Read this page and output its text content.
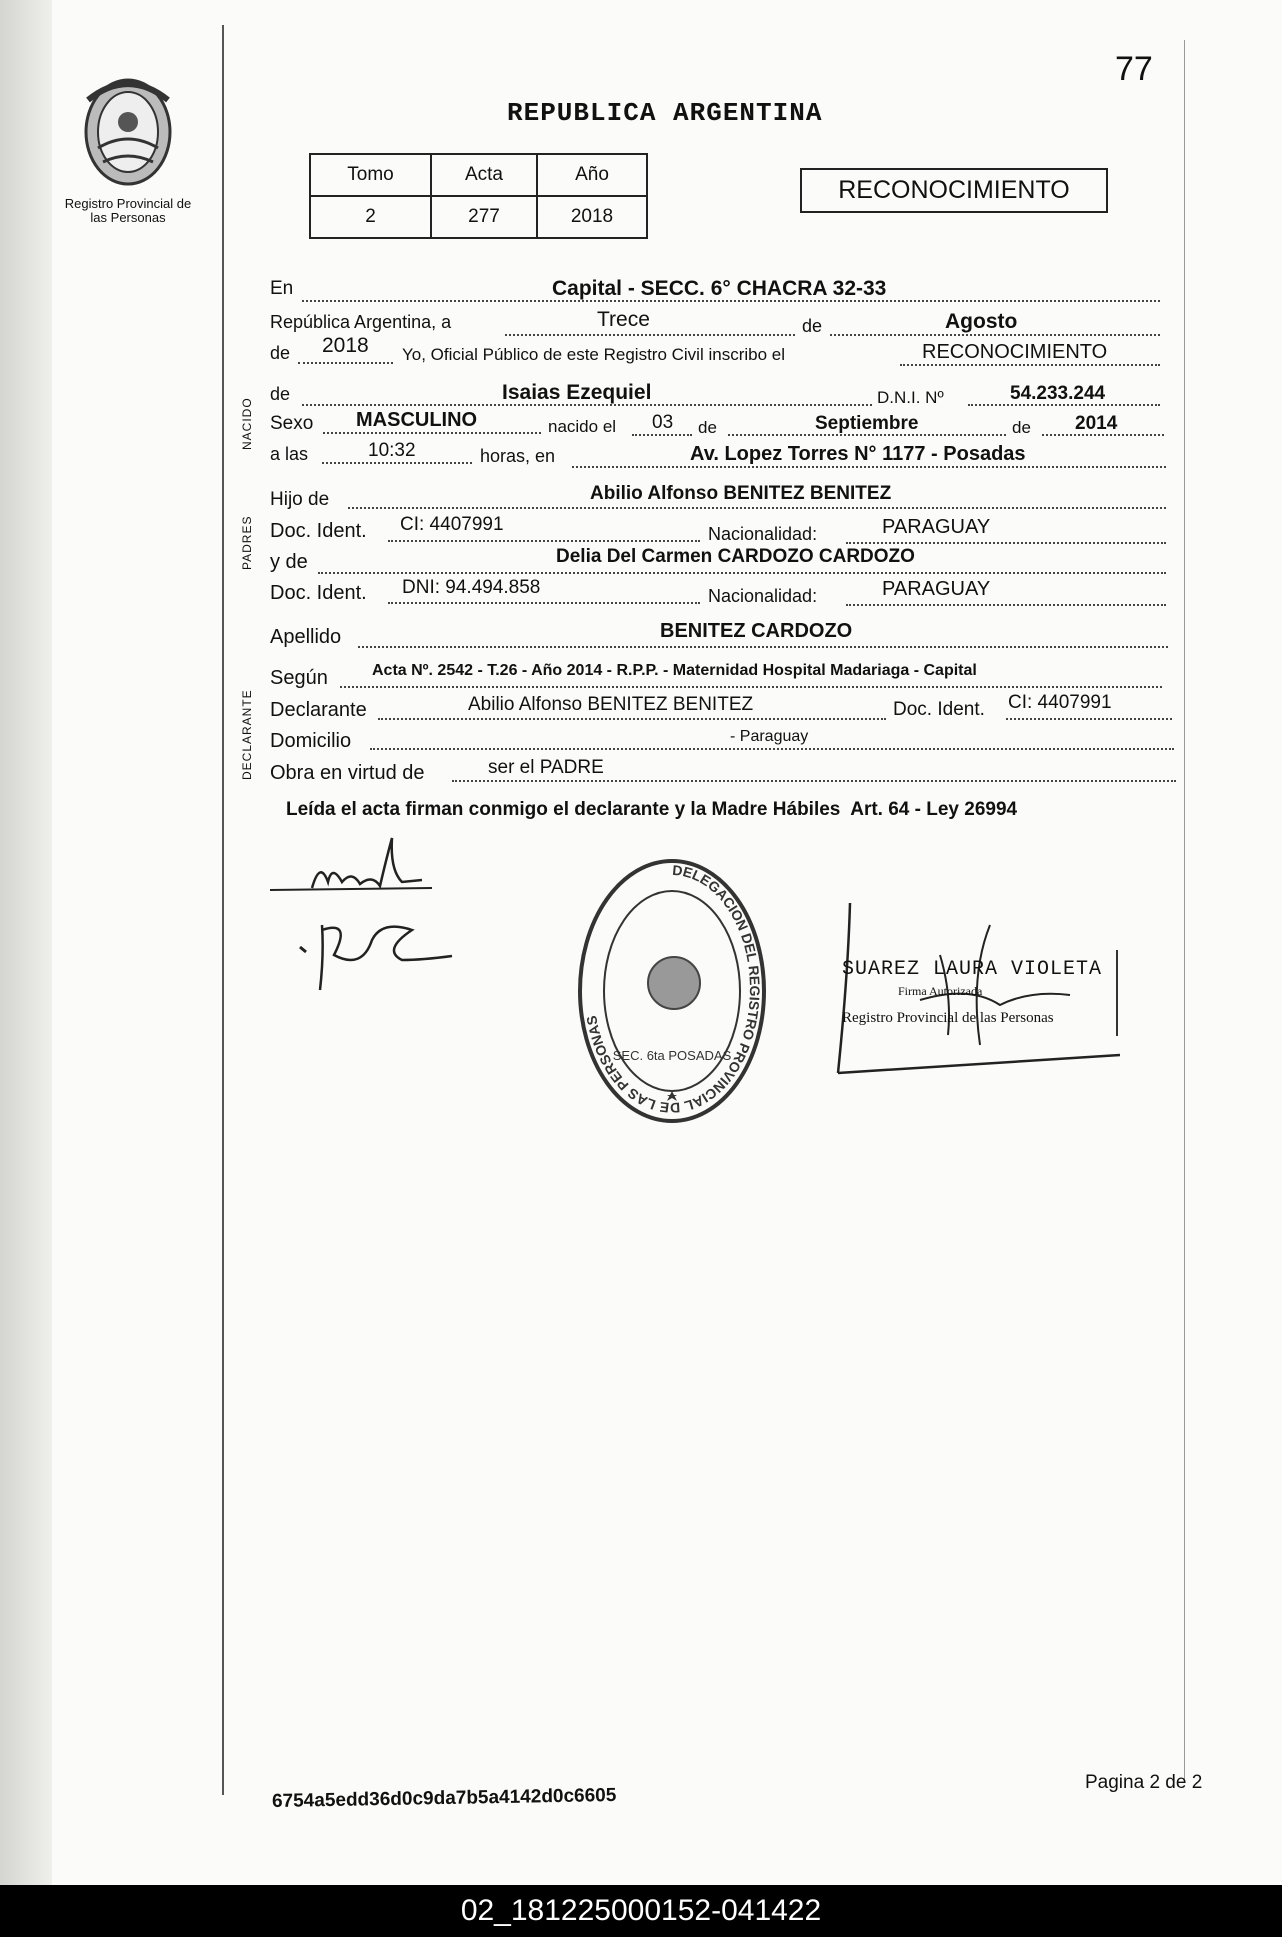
Registro Provincial de las Personas
77
REPUBLICA ARGENTINA
Tomo	Acta	Año
2	277	2018
RECONOCIMIENTO
NACIDO
PADRES
DECLARANTE
En	Capital - SECC. 6° CHACRA 32-33
República Argentina, a	Trece	de	Agosto
de 2018 Yo, Oficial Público de este Registro Civil inscribo el	RECONOCIMIENTO
de	Isaias Ezequiel	D.N.I. Nº	54.233.244
Sexo MASCULINO	nacido el 03 de	Septiembre	de 2014
a las	10:32	horas, en	Av. Lopez Torres N° 1177 - Posadas
Hijo de	Abilio Alfonso BENITEZ BENITEZ
Doc. Ident. CI: 4407991	Nacionalidad:	PARAGUAY
y de	Delia Del Carmen CARDOZO CARDOZO
Doc. Ident. DNI: 94.494.858	Nacionalidad:	PARAGUAY
Apellido	BENITEZ CARDOZO
Según	Acta Nº. 2542 - T.26 - Año 2014 - R.P.P. - Maternidad Hospital Madariaga - Capital
Declarante	Abilio Alfonso BENITEZ BENITEZ	Doc. Ident. CI: 4407991
Domicilio	- Paraguay
Obra en virtud de	ser el PADRE
Leída el acta firman conmigo el declarante y la Madre Hábiles  Art. 64 - Ley 26994
DELEGACION DEL REGISTRO PROVINCIAL DE LAS PERSONAS
SEC. 6ta POSADAS
SUAREZ LAURA VIOLETA
Firma Autorizada
Registro Provincial de las Personas
6754a5edd36d0c9da7b5a4142d0c6605
Pagina 2 de 2
02_181225000152-041422
